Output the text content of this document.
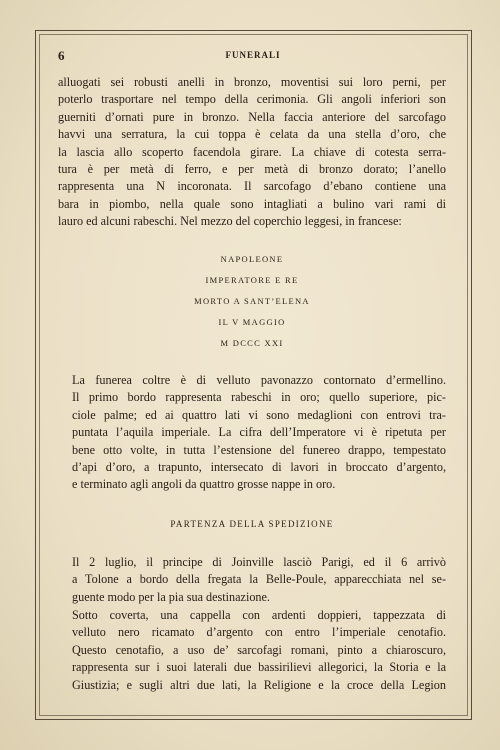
6	FUNERALI
alluogati sei robusti anelli in bronzo, moventisi sui loro perni, per
poterlo trasportare nel tempo della cerimonia. Gli angoli inferiori son
guerniti d’ornati pure in bronzo. Nella faccia anteriore del sarcofago
havvi una serratura, la cui toppa è celata da una stella d’oro, che
la lascia allo scoperto facendola girare. La chiave di cotesta serra-
tura è per metà di ferro, e per metà di bronzo dorato; l’anello
rappresenta una N incoronata. Il sarcofago d’ebano contiene una
bara in piombo, nella quale sono intagliati a bulino vari rami di
lauro ed alcuni rabeschi. Nel mezzo del coperchio leggesi, in francese:
NAPOLEONE
IMPERATORE E RE
MORTO A SANT’ELENA
IL V MAGGIO
M DCCC XXI
La funerea coltre è di velluto pavonazzo contornato d’ermellino.
Il primo bordo rappresenta rabeschi in oro; quello superiore, pic-
ciole palme; ed ai quattro lati vi sono medaglioni con entrovi tra-
puntata l’aquila imperiale. La cifra dell’Imperatore vi è ripetuta per
bene otto volte, in tutta l’estensione del funereo drappo, tempestato
d’api d’oro, a trapunto, intersecato di lavori in broccato d’argento,
e terminato agli angoli da quattro grosse nappe in oro.
PARTENZA DELLA SPEDIZIONE
Il 2 luglio, il principe di Joinville lasciò Parigi, ed il 6 arrivò
a Tolone a bordo della fregata la Belle-Poule, apparecchiata nel se-
guente modo per la pia sua destinazione.
Sotto coverta, una cappella con ardenti doppieri, tappezzata di
velluto nero ricamato d’argento con entro l’imperiale cenotafio.
Questo cenotafio, a uso de’ sarcofagi romani, pinto a chiaroscuro,
rappresenta sur i suoi laterali due bassirilievi allegorici, la Storia e la
Giustizia; e sugli altri due lati, la Religione e la croce della Legion
